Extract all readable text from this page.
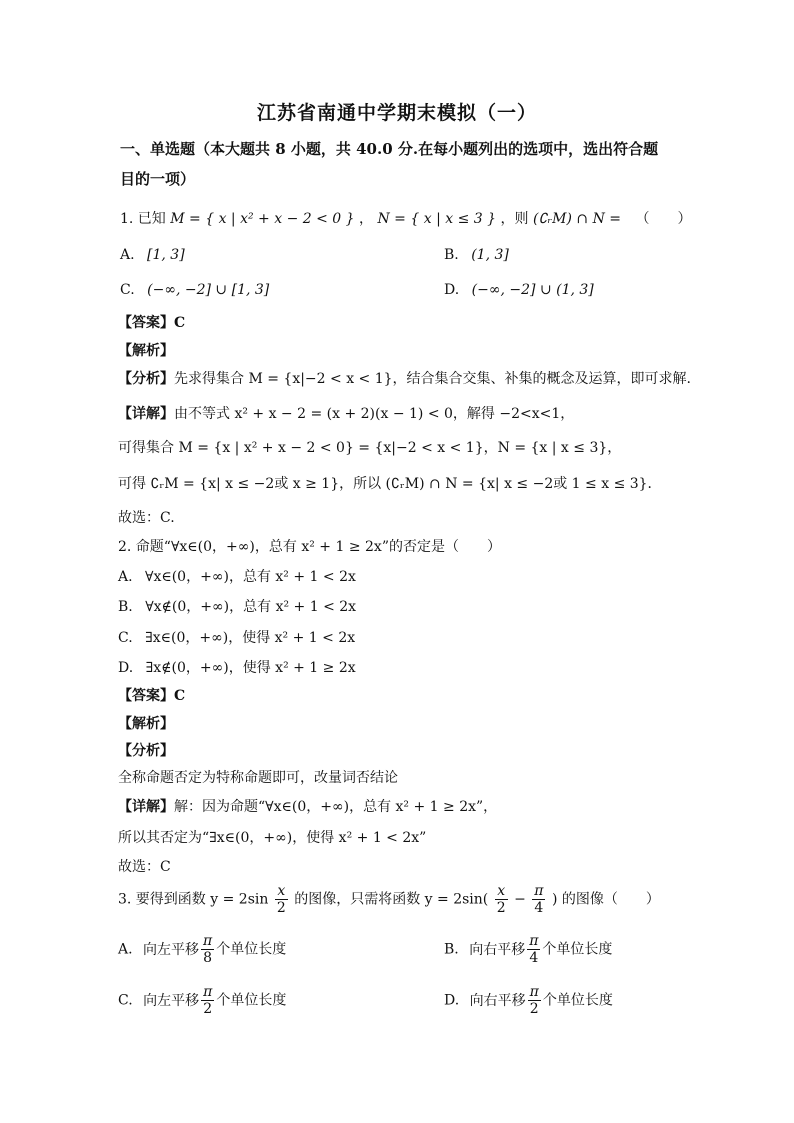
江苏省南通中学期末模拟（一）
一、单选题（本大题共 8 小题，共 40.0 分.在每小题列出的选项中，选出符合题
目的一项）
1. 已知 M = { x | x² + x − 2 < 0 } ， N = { x | x ≤ 3 } ，则 (∁ᵣM) ∩ N = （　　）
A. [1, 3]	B. (1, 3]
C. (−∞, −2] ∪ [1, 3]	D. (−∞, −2] ∪ (1, 3]
【答案】C
【解析】
【分析】先求得集合 M = {x|−2 < x < 1}，结合集合交集、补集的概念及运算，即可求解.
【详解】由不等式 x² + x − 2 = (x + 2)(x − 1) < 0，解得 −2<x<1，
可得集合 M = {x | x² + x − 2 < 0} = {x|−2 < x < 1}，N = {x | x ≤ 3}，
可得 ∁ᵣM = {x| x ≤ −2或 x ≥ 1}，所以 (∁ᵣM) ∩ N = {x| x ≤ −2或 1 ≤ x ≤ 3}．
故选：C.
2. 命题“∀x∈(0，+∞)，总有 x² + 1 ≥ 2x”的否定是（　　）
A. ∀x∈(0，+∞)，总有 x² + 1 < 2x
B. ∀x∉(0，+∞)，总有 x² + 1 < 2x
C. ∃x∈(0，+∞)，使得 x² + 1 < 2x
D. ∃x∉(0，+∞)，使得 x² + 1 ≥ 2x
【答案】C
【解析】
【分析】
全称命题否定为特称命题即可，改量词否结论
【详解】解：因为命题“∀x∈(0，+∞)，总有 x² + 1 ≥ 2x”，
所以其否定为“∃x∈(0，+∞)，使得 x² + 1 < 2x”
故选：C
3. 要得到函数 $y = 2\sin \frac{x}{2}$ 的图像，只需将函数 $y = 2\sin( \frac{x}{2} - \frac{\pi}{4}$ ) 的图像（　　）
A. 向左平移 $\frac{\pi}{8}$ 个单位长度	B. 向右平移 $\frac{\pi}{4}$ 个单位长度
C. 向左平移 $\frac{\pi}{2}$ 个单位长度	D. 向右平移 $\frac{\pi}{2}$ 个单位长度
